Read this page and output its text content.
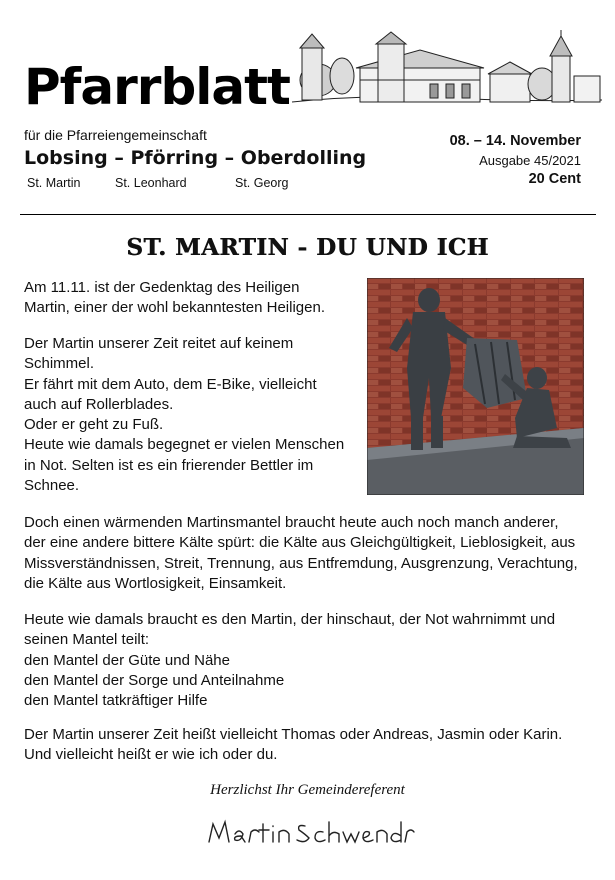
Pfarrblatt
für die Pfarreiengemeinschaft
Lobsing – Pförring – Oberdolling
St. Martin	St. Leonhard	St. Georg
08. – 14. November
Ausgabe 45/2021
20 Cent
ST. MARTIN - DU UND ICH
Am 11.11. ist der Gedenktag des Heiligen
Martin, einer der wohl bekanntesten Heiligen.
Der Martin unserer Zeit reitet auf keinem
Schimmel.
Er fährt mit dem Auto, dem E-Bike, vielleicht
auch auf Rollerblades.
Oder er geht zu Fuß.
Heute wie damals begegnet er vielen Menschen
in Not. Selten ist es ein frierender Bettler im
Schnee.
Doch einen wärmenden Martinsmantel braucht heute auch noch manch anderer,
der eine andere bittere Kälte spürt: die Kälte aus Gleichgültigkeit, Lieblosigkeit, aus
Missverständnissen, Streit, Trennung, aus Entfremdung, Ausgrenzung, Verachtung,
die Kälte aus Wortlosigkeit, Einsamkeit.
Heute wie damals braucht es den Martin, der hinschaut, der Not wahrnimmt und
seinen Mantel teilt:
den Mantel der Güte und Nähe
den Mantel der Sorge und Anteilnahme
den Mantel tatkräftiger Hilfe
Der Martin unserer Zeit heißt vielleicht Thomas oder Andreas, Jasmin oder Karin.
Und vielleicht heißt er wie ich oder du.
Herzlichst Ihr Gemeindereferent
